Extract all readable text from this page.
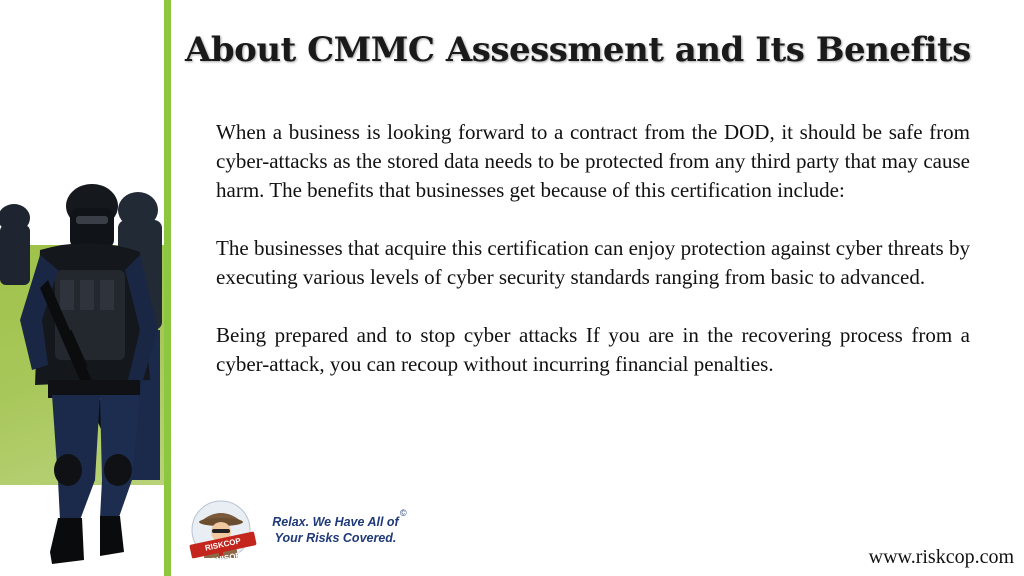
About CMMC Assessment and Its Benefits

When a business is looking forward to a contract from the DOD, it should be safe from cyber-attacks as the stored data needs to be protected from any third party that may cause harm. The benefits that businesses get because of this certification include:

The businesses that acquire this certification can enjoy protection against cyber threats by executing various levels of cyber security standards ranging from basic to advanced.

Being prepared and to stop cyber attacks If you are in the recovering process from a cyber-attack, you can recoup without incurring financial penalties.

RISKCOP ADVISORY
Relax. We Have All of Your Risks Covered.
©
www.riskcop.com
